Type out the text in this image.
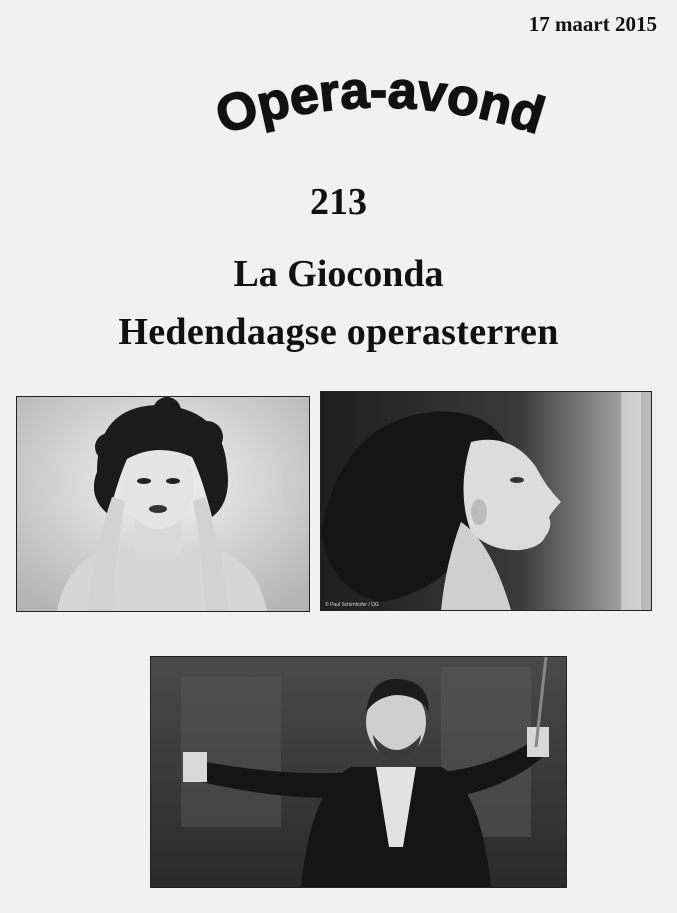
17 maart 2015
Opera-avond
213
La Gioconda
Hedendaagse operasterren
© Paul Schirnhofer / DG
